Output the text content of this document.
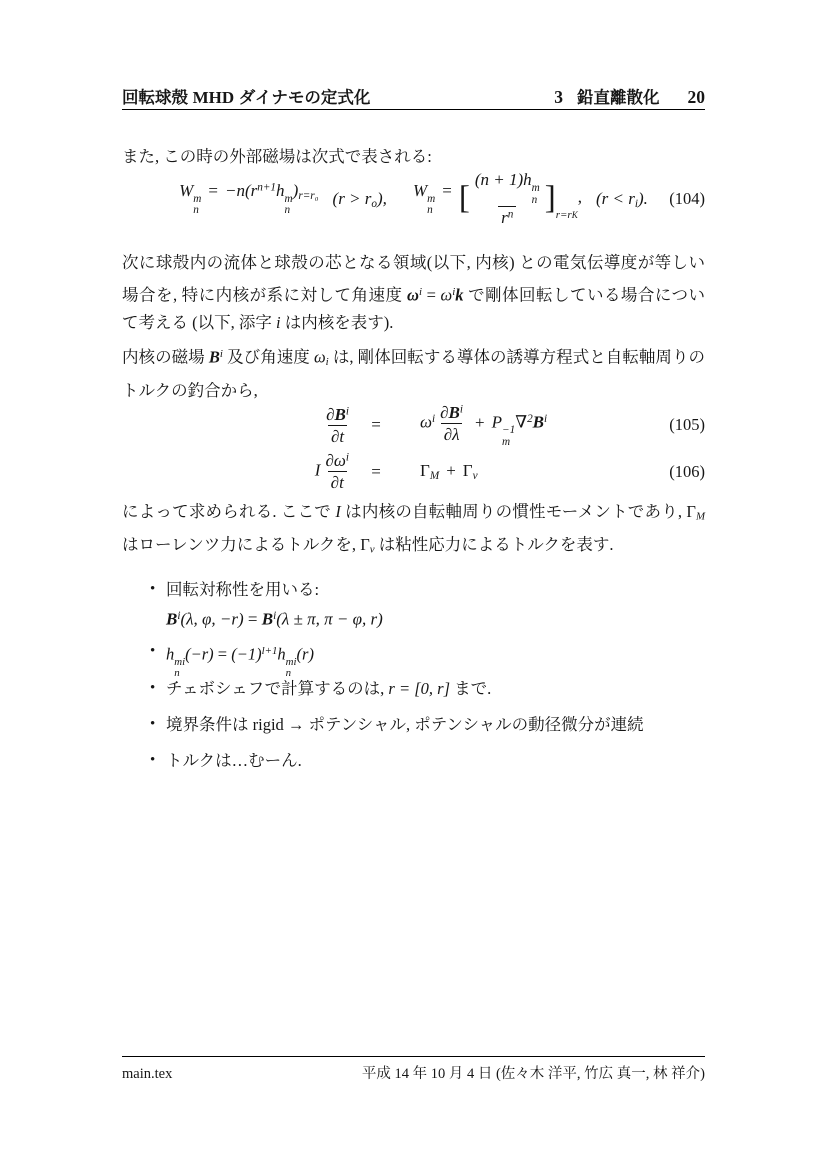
回転球殻 MHD ダイナモの定式化	3 鉛直離散化 20
また, この時の外部磁場は次式で表される:
W m
n
= $-n(r^{n+1}h$ m
n
)r=r₀ (r > ro), W m
n
= [ (n + 1)h m
n
$r^n$ ]$_{r=rK}$, (r < ri). (104)
次に球殻内の流体と球殻の芯となる領域(以下, 内核) との電気伝導度が等しい場合を, 特に内核が系に対して角速度 $\omega^i = \omega^ik$ で剛体回転している場合について考える (以下, 添字 i は内核を表す).
内核の磁場 $B^i$ 及び角速度 ωi は, 剛体回転する導体の誘導方程式と自転軸周りのトルクの釣合から,
$\frac{\partial B^i}{\partial t}$	=	$\omega^i \frac{\partial B^i}{\partial\lambda} + P -1$
m
$\nabla^2B^i$	(105)
I $\frac{\partial\omega^i}{\partial t}$	=	ΓM + Γν	(106)
によって求められる. ここで I は内核の自転軸周りの慣性モーメントであり, ΓM はローレンツ力によるトルクを, Γν は粘性応力によるトルクを表す.
• 回転対称性を用いる:
$B^i(\lambda$, φ, $-r) = B^i(\lambda \pm \pi$, π − φ, r)
• h mi
n
$(-r) = (-1)^{l+1}h$ mi
n
(r)
• チェボシェフで計算するのは, r = [0, r] まで.
• 境界条件は rigid → ポテンシャル, ポテンシャルの動径微分が連続
• トルクは…むーん.
main.tex	平成 14 年 10 月 4 日 (佐々木 洋平, 竹広 真一, 林 祥介)
